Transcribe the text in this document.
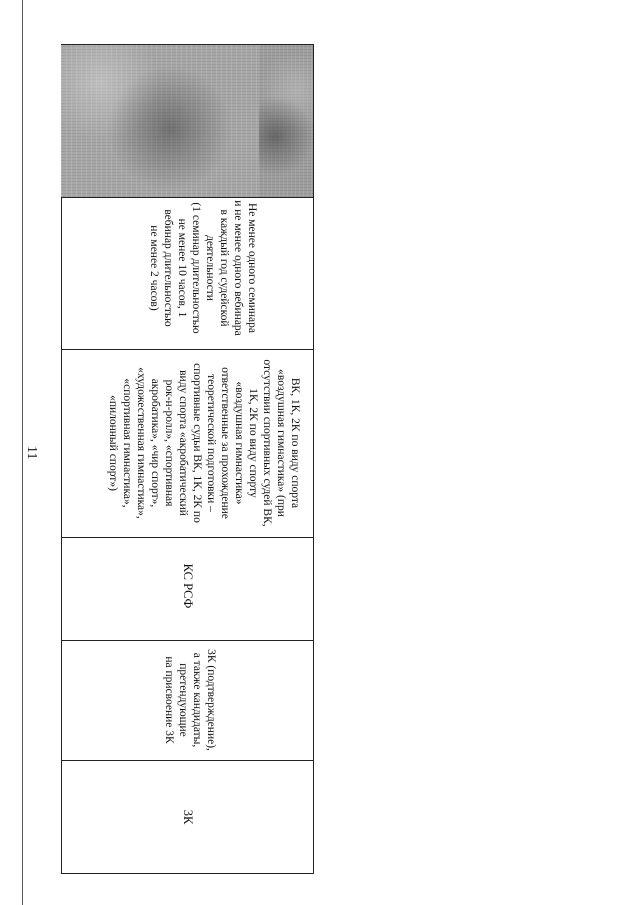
11
Не менее одного семинара
и не менее одного вебинара
в каждый год судейской
деятельности
(1 семинар длительностью
не менее 10 часов, 1
вебинар длительностью
не менее 2 часов)
ВК, 1К, 2К по виду спорта
«воздушная гимнастика» (при
отсутствии спортивных судей ВК,
1К, 2К по виду спорту
«воздушная гимнастика»
ответственные за прохождение
теоретической подготовки –
спортивные судьи ВК, 1К, 2К по
виду спорта «акробатический
рок-н-ролл», «спортивная
акробатика», «чир спорт»,
«художественная гимнастика»,
«спортивная гимнастика»,
«пилонный спорт»)
КС РСФ
3К (подтверждение),
а также кандидаты,
претендующие
на присвоение 3К
3К
